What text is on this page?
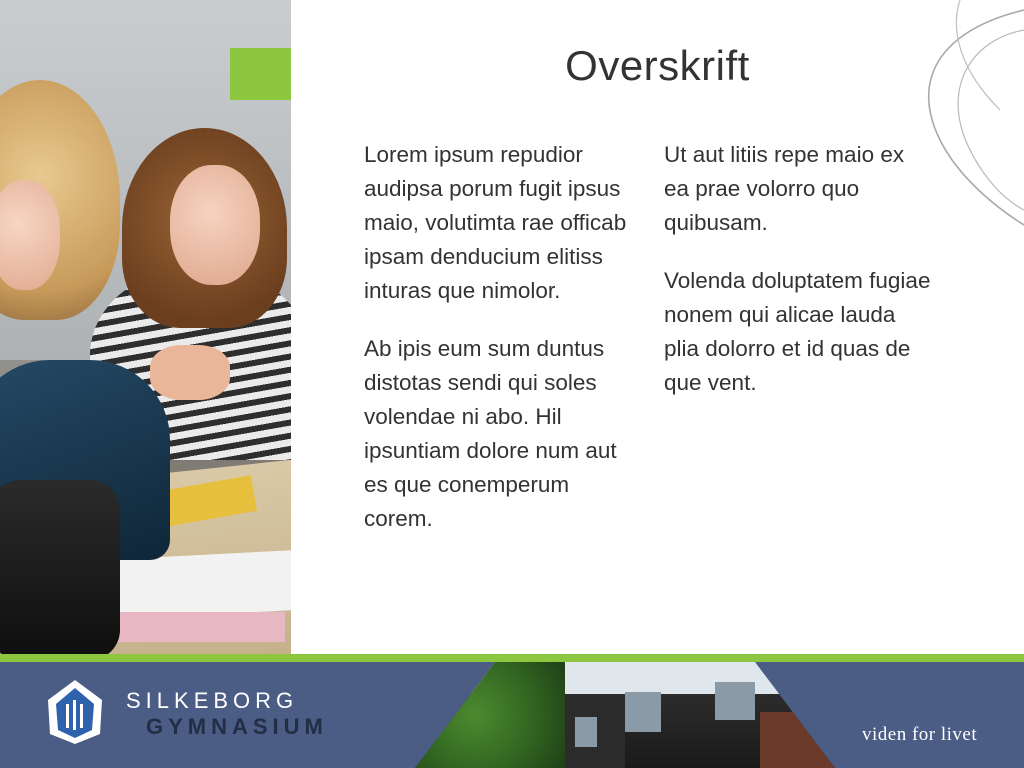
Overskrift

Lorem ipsum repudior audipsa porum fugit ipsus maio, volutimta rae officab ipsam denducium elitiss inturas que nimolor.

Ab ipis eum sum duntus distotas sendi qui soles volendae ni abo. Hil ipsuntiam dolore num aut es que conemperum corem.

Ut aut litiis repe maio ex ea prae volorro quo quibusam.

Volenda doluptatem fugiae nonem qui alicae lauda plia dolorro et id quas de que vent.

SILKEBORG
GYMNASIUM	viden for livet
